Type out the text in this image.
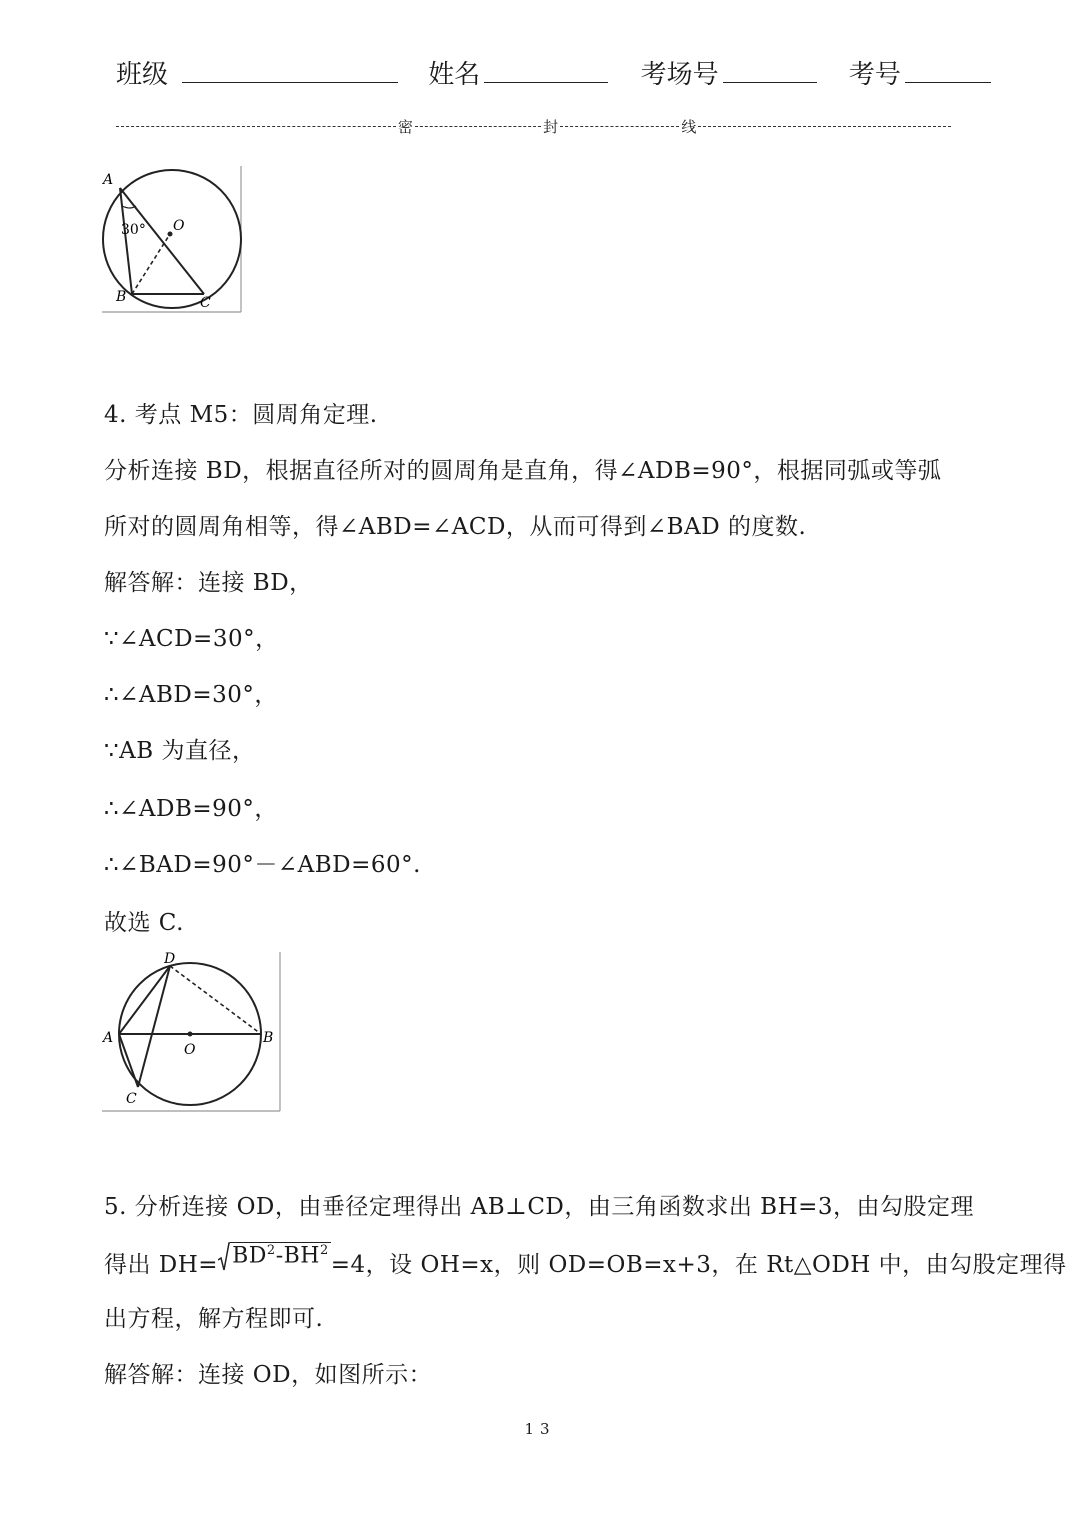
班级	姓名	考场号	考号
密	封	线
A
B	C
O
30°
4. 考点 M5：圆周角定理.
分析连接 BD，根据直径所对的圆周角是直角，得∠ADB=90°，根据同弧或等弧
所对的圆周角相等，得∠ABD=∠ACD，从而可得到∠BAD 的度数.
解答解：连接 BD，
∵∠ACD=30°，
∴∠ABD=30°，
∵AB 为直径，
∴∠ADB=90°，
∴∠BAD=90°－∠ABD=60°.
故选 C.
D
A	B
O
C
5. 分析连接 OD，由垂径定理得出 AB⊥CD，由三角函数求出 BH=3，由勾股定理
得出 $DH= BD^2-BH^2$
=4，设 OH=x，则 OD=OB=x+3，在 Rt△ODH 中，由勾股定理得
出方程，解方程即可.
解答解：连接 OD，如图所示：
13
